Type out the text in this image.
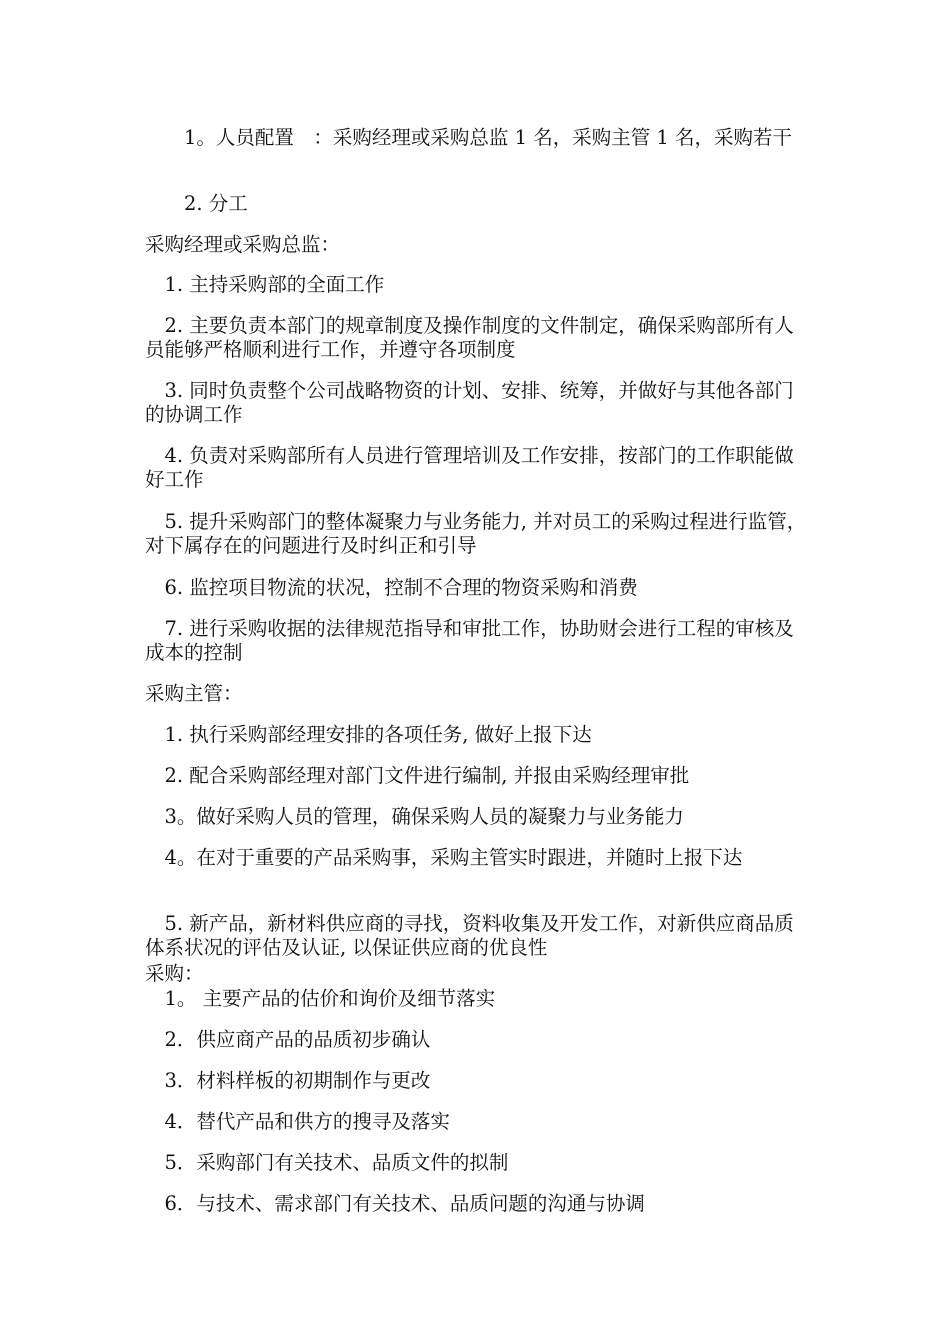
　　1。人员配置　：采购经理或采购总监 1 名，采购主管 1 名，采购若干

　　2. 分工

采购经理或采购总监：

　1. 主持采购部的全面工作

　2. 主要负责本部门的规章制度及操作制度的文件制定，确保采购部所有人员能够严格顺利进行工作，并遵守各项制度

　3. 同时负责整个公司战略物资的计划、安排、统筹，并做好与其他各部门的协调工作

　4. 负责对采购部所有人员进行管理培训及工作安排，按部门的工作职能做好工作

　5. 提升采购部门的整体凝聚力与业务能力, 并对员工的采购过程进行监管，对下属存在的问题进行及时纠正和引导

　6. 监控项目物流的状况，控制不合理的物资采购和消费

　7. 进行采购收据的法律规范指导和审批工作，协助财会进行工程的审核及成本的控制

采购主管：

　1. 执行采购部经理安排的各项任务, 做好上报下达

　2. 配合采购部经理对部门文件进行编制, 并报由采购经理审批

　3。做好采购人员的管理，确保采购人员的凝聚力与业务能力

　4。在对于重要的产品采购事，采购主管实时跟进，并随时上报下达

　5. 新产品，新材料供应商的寻找，资料收集及开发工作，对新供应商品质体系状况的评估及认证, 以保证供应商的优良性

采购：

　1。 主要产品的估价和询价及细节落实

　2．供应商产品的品质初步确认

　3．材料样板的初期制作与更改

　4．替代产品和供方的搜寻及落实

　5．采购部门有关技术、品质文件的拟制

　6．与技术、需求部门有关技术、品质问题的沟通与协调
